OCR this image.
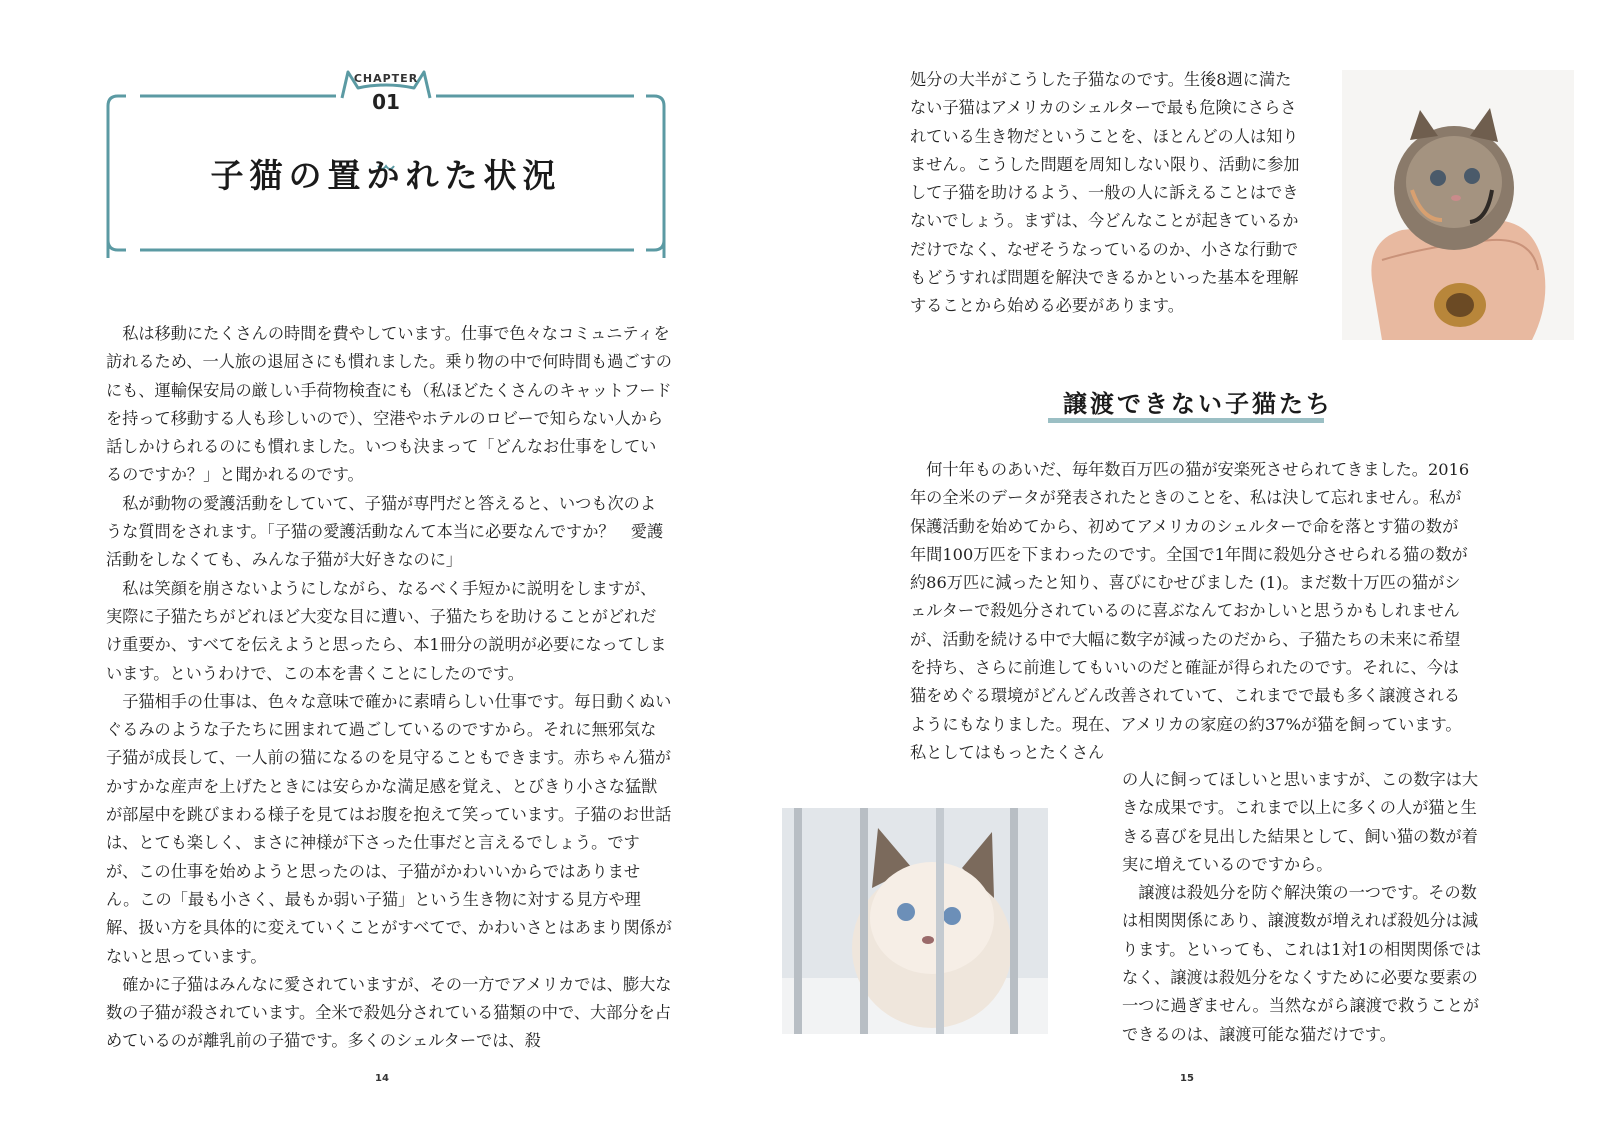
CHAPTER
01
子猫の置かれた状況

私は移動にたくさんの時間を費やしています。仕事で色々なコミュニティを訪れるため、一人旅の退屈さにも慣れました。乗り物の中で何時間も過ごすのにも、運輸保安局の厳しい手荷物検査にも（私ほどたくさんのキャットフードを持って移動する人も珍しいので）、空港やホテルのロビーで知らない人から話しかけられるのにも慣れました。いつも決まって「どんなお仕事をしているのですか？」と聞かれるのです。

私が動物の愛護活動をしていて、子猫が専門だと答えると、いつも次のような質問をされます。「子猫の愛護活動なんて本当に必要なんですか？　愛護活動をしなくても、みんな子猫が大好きなのに」

私は笑顔を崩さないようにしながら、なるべく手短かに説明をしますが、実際に子猫たちがどれほど大変な目に遭い、子猫たちを助けることがどれだけ重要か、すべてを伝えようと思ったら、本1冊分の説明が必要になってしまいます。というわけで、この本を書くことにしたのです。

子猫相手の仕事は、色々な意味で確かに素晴らしい仕事です。毎日動くぬいぐるみのような子たちに囲まれて過ごしているのですから。それに無邪気な子猫が成長して、一人前の猫になるのを見守ることもできます。赤ちゃん猫がかすかな産声を上げたときには安らかな満足感を覚え、とびきり小さな猛獣が部屋中を跳びまわる様子を見てはお腹を抱えて笑っています。子猫のお世話は、とても楽しく、まさに神様が下さった仕事だと言えるでしょう。ですが、この仕事を始めようと思ったのは、子猫がかわいいからではありません。この「最も小さく、最もか弱い子猫」という生き物に対する見方や理解、扱い方を具体的に変えていくことがすべてで、かわいさとはあまり関係がないと思っています。

確かに子猫はみんなに愛されていますが、その一方でアメリカでは、膨大な数の子猫が殺されています。全米で殺処分されている猫類の中で、大部分を占めているのが離乳前の子猫です。多くのシェルターでは、殺

14

処分の大半がこうした子猫なのです。生後8週に満たない子猫はアメリカのシェルターで最も危険にさらされている生き物だということを、ほとんどの人は知りません。こうした問題を周知しない限り、活動に参加して子猫を助けるよう、一般の人に訴えることはできないでしょう。まずは、今どんなことが起きているかだけでなく、なぜそうなっているのか、小さな行動でもどうすれば問題を解決できるかといった基本を理解することから始める必要があります。

譲渡できない子猫たち

何十年ものあいだ、毎年数百万匹の猫が安楽死させられてきました。2016年の全米のデータが発表されたときのことを、私は決して忘れません。私が保護活動を始めてから、初めてアメリカのシェルターで命を落とす猫の数が年間100万匹を下まわったのです。全国で1年間に殺処分させられる猫の数が約86万匹に減ったと知り、喜びにむせびました (1)。まだ数十万匹の猫がシェルターで殺処分されているのに喜ぶなんておかしいと思うかもしれませんが、活動を続ける中で大幅に数字が減ったのだから、子猫たちの未来に希望を持ち、さらに前進してもいいのだと確証が得られたのです。それに、今は猫をめぐる環境がどんどん改善されていて、これまでで最も多く譲渡されるようにもなりました。現在、アメリカの家庭の約37%が猫を飼っています。私としてはもっとたくさん

の人に飼ってほしいと思いますが、この数字は大きな成果です。これまで以上に多くの人が猫と生きる喜びを見出した結果として、飼い猫の数が着実に増えているのですから。

譲渡は殺処分を防ぐ解決策の一つです。その数は相関関係にあり、譲渡数が増えれば殺処分は減ります。といっても、これは1対1の相関関係ではなく、譲渡は殺処分をなくすために必要な要素の一つに過ぎません。当然ながら譲渡で救うことができるのは、譲渡可能な猫だけです。

15
